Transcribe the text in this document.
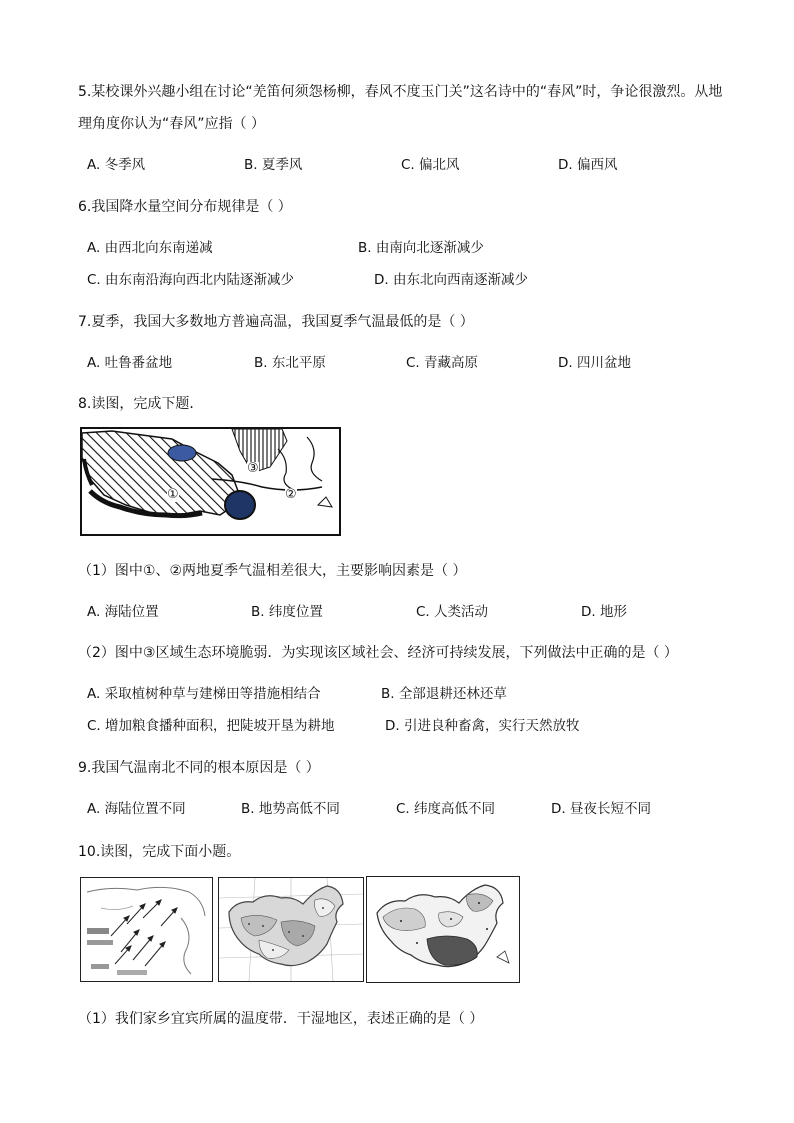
5.某校课外兴趣小组在讨论“羌笛何须怨杨柳，春风不度玉门关”这名诗中的“春风”时，争论很激烈。从地
理角度你认为“春风”应指（ ）
A. 冬季风	B. 夏季风	C. 偏北风	D. 偏西风
6.我国降水量空间分布规律是（ ）
A. 由西北向东南递减	B. 由南向北逐渐减少
C. 由东南沿海向西北内陆逐渐减少	D. 由东北向西南逐渐减少
7.夏季，我国大多数地方普遍高温，我国夏季气温最低的是（ ）
A. 吐鲁番盆地	B. 东北平原	C. 青藏高原	D. 四川盆地
8.读图，完成下题．
③
①	②
（1）图中①、②两地夏季气温相差很大，主要影响因素是（ ）
A. 海陆位置	B. 纬度位置	C. 人类活动	D. 地形
（2）图中③区域生态环境脆弱．为实现该区域社会、经济可持续发展，下列做法中正确的是（ ）
A. 采取植树种草与建梯田等措施相结合	B. 全部退耕还林还草
C. 增加粮食播种面积，把陡坡开垦为耕地	D. 引进良种畜禽，实行天然放牧
9.我国气温南北不同的根本原因是（ ）
A. 海陆位置不同	B. 地势高低不同	C. 纬度高低不同	D. 昼夜长短不同
10.读图，完成下面小题。
（1）我们家乡宜宾所属的温度带．干湿地区，表述正确的是（ ）
